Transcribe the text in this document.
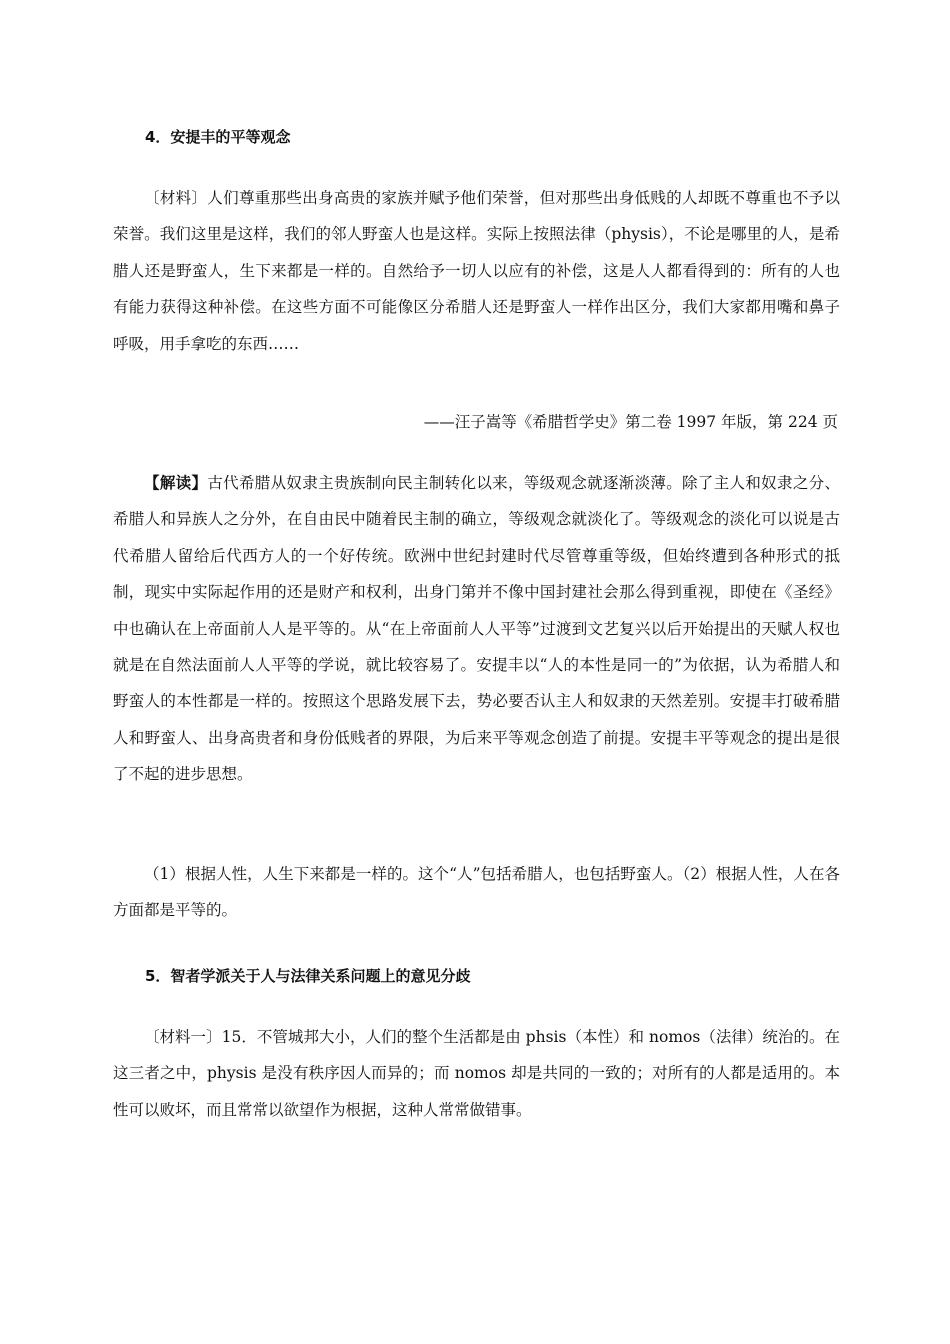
4．安提丰的平等观念

〔材料〕人们尊重那些出身高贵的家族并赋予他们荣誉，但对那些出身低贱的人却既不尊重也不予以荣誉。我们这里是这样，我们的邻人野蛮人也是这样。实际上按照法律（physis），不论是哪里的人，是希腊人还是野蛮人，生下来都是一样的。自然给予一切人以应有的补偿，这是人人都看得到的：所有的人也有能力获得这种补偿。在这些方面不可能像区分希腊人还是野蛮人一样作出区分，我们大家都用嘴和鼻子呼吸，用手拿吃的东西……

——汪子嵩等《希腊哲学史》第二卷 1997 年版，第 224 页

【解读】古代希腊从奴隶主贵族制向民主制转化以来，等级观念就逐渐淡薄。除了主人和奴隶之分、希腊人和异族人之分外，在自由民中随着民主制的确立，等级观念就淡化了。等级观念的淡化可以说是古代希腊人留给后代西方人的一个好传统。欧洲中世纪封建时代尽管尊重等级，但始终遭到各种形式的抵制，现实中实际起作用的还是财产和权利，出身门第并不像中国封建社会那么得到重视，即使在《圣经》中也确认在上帝面前人人是平等的。从“在上帝面前人人平等”过渡到文艺复兴以后开始提出的天赋人权也就是在自然法面前人人平等的学说，就比较容易了。安提丰以“人的本性是同一的”为依据，认为希腊人和野蛮人的本性都是一样的。按照这个思路发展下去，势必要否认主人和奴隶的天然差别。安提丰打破希腊人和野蛮人、出身高贵者和身份低贱者的界限，为后来平等观念创造了前提。安提丰平等观念的提出是很了不起的进步思想。

（1）根据人性，人生下来都是一样的。这个“人”包括希腊人，也包括野蛮人。（2）根据人性，人在各方面都是平等的。

5．智者学派关于人与法律关系问题上的意见分歧

〔材料一〕15．不管城邦大小，人们的整个生活都是由 phsis（本性）和 nomos（法律）统治的。在这三者之中，physis 是没有秩序因人而异的；而 nomos 却是共同的一致的；对所有的人都是适用的。本性可以败坏，而且常常以欲望作为根据，这种人常常做错事。
